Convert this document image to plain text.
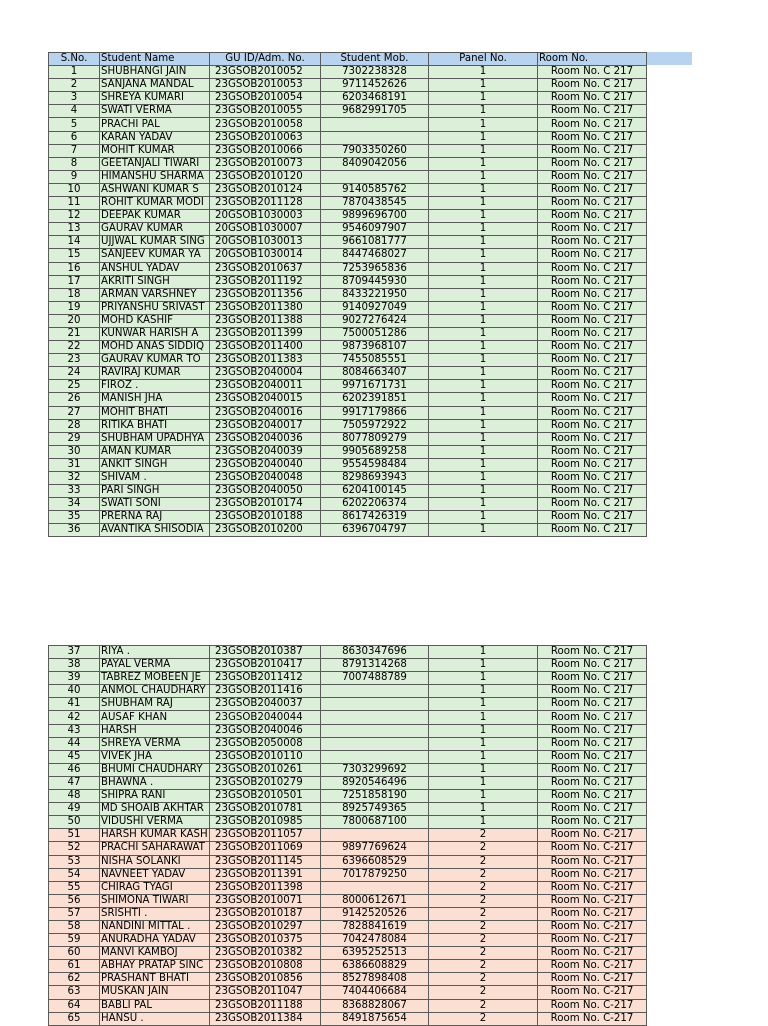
S.No.	Student Name	GU ID/Adm. No.	Student Mob.	Panel No.	Room No.
1	SHUBHANGI JAIN	23GSOB2010052	7302238328	1	Room No. C 217
2	SANJANA MANDAL	23GSOB2010053	9711452626	1	Room No. C 217
3	SHREYA KUMARI	23GSOB2010054	6203468191	1	Room No. C 217
4	SWATI VERMA	23GSOB2010055	9682991705	1	Room No. C 217
5	PRACHI PAL	23GSOB2010058		1	Room No. C 217
6	KARAN YADAV	23GSOB2010063		1	Room No. C 217
7	MOHIT KUMAR	23GSOB2010066	7903350260	1	Room No. C 217
8	GEETANJALI TIWARI	23GSOB2010073	8409042056	1	Room No. C 217
9	HIMANSHU SHARMA	23GSOB2010120		1	Room No. C 217
10	ASHWANI KUMAR S	23GSOB2010124	9140585762	1	Room No. C 217
11	ROHIT KUMAR MODI	23GSOB2011128	7870438545	1	Room No. C 217
12	DEEPAK KUMAR	20GSOB1030003	9899696700	1	Room No. C 217
13	GAURAV KUMAR	20GSOB1030007	9546097907	1	Room No. C 217
14	UJJWAL KUMAR SING	20GSOB1030013	9661081777	1	Room No. C 217
15	SANJEEV KUMAR YA	20GSOB1030014	8447468027	1	Room No. C 217
16	ANSHUL YADAV	23GSOB2010637	7253965836	1	Room No. C 217
17	AKRITI SINGH	23GSOB2011192	8709445930	1	Room No. C 217
18	ARMAN VARSHNEY	23GSOB2011356	8433221950	1	Room No. C 217
19	PRIYANSHU SRIVAST	23GSOB2011380	9140927049	1	Room No. C 217
20	MOHD KASHIF	23GSOB2011388	9027276424	1	Room No. C 217
21	KUNWAR HARISH A	23GSOB2011399	7500051286	1	Room No. C 217
22	MOHD ANAS SIDDIQ	23GSOB2011400	9873968107	1	Room No. C 217
23	GAURAV KUMAR TO	23GSOB2011383	7455085551	1	Room No. C 217
24	RAVIRAJ KUMAR	23GSOB2040004	8084663407	1	Room No. C 217
25	FIROZ .	23GSOB2040011	9971671731	1	Room No. C 217
26	MANISH JHA	23GSOB2040015	6202391851	1	Room No. C 217
27	MOHIT BHATI	23GSOB2040016	9917179866	1	Room No. C 217
28	RITIKA BHATI	23GSOB2040017	7505972922	1	Room No. C 217
29	SHUBHAM UPADHYA	23GSOB2040036	8077809279	1	Room No. C 217
30	AMAN KUMAR	23GSOB2040039	9905689258	1	Room No. C 217
31	ANKIT SINGH	23GSOB2040040	9554598484	1	Room No. C 217
32	SHIVAM .	23GSOB2040048	8298693943	1	Room No. C 217
33	PARI SINGH	23GSOB2040050	6204100145	1	Room No. C 217
34	SWATI SONI	23GSOB2010174	6202206374	1	Room No. C 217
35	PRERNA RAJ	23GSOB2010188	8617426319	1	Room No. C 217
36	AVANTIKA SHISODIA	23GSOB2010200	6396704797	1	Room No. C 217
37	RIYA .	23GSOB2010387	8630347696	1	Room No. C 217
38	PAYAL VERMA	23GSOB2010417	8791314268	1	Room No. C 217
39	TABREZ MOBEEN JE	23GSOB2011412	7007488789	1	Room No. C 217
40	ANMOL CHAUDHARY	23GSOB2011416		1	Room No. C 217
41	SHUBHAM RAJ	23GSOB2040037		1	Room No. C 217
42	AUSAF KHAN	23GSOB2040044		1	Room No. C 217
43	HARSH	23GSOB2040046		1	Room No. C 217
44	SHREYA VERMA	23GSOB2050008		1	Room No. C 217
45	VIVEK JHA	23GSOB2010110		1	Room No. C 217
46	BHUMI CHAUDHARY	23GSOB2010261	7303299692	1	Room No. C 217
47	BHAWNA .	23GSOB2010279	8920546496	1	Room No. C 217
48	SHIPRA RANI	23GSOB2010501	7251858190	1	Room No. C 217
49	MD SHOAIB AKHTAR	23GSOB2010781	8925749365	1	Room No. C 217
50	VIDUSHI VERMA	23GSOB2010985	7800687100	1	Room No. C 217
51	HARSH KUMAR KASH	23GSOB2011057		2	Room No. C-217
52	PRACHI SAHARAWAT	23GSOB2011069	9897769624	2	Room No. C-217
53	NISHA SOLANKI	23GSOB2011145	6396608529	2	Room No. C-217
54	NAVNEET YADAV	23GSOB2011391	7017879250	2	Room No. C-217
55	CHIRAG TYAGI	23GSOB2011398		2	Room No. C-217
56	SHIMONA TIWARI	23GSOB2010071	8000612671	2	Room No. C-217
57	SRISHTI .	23GSOB2010187	9142520526	2	Room No. C-217
58	NANDINI MITTAL .	23GSOB2010297	7828841619	2	Room No. C-217
59	ANURADHA YADAV	23GSOB2010375	7042478084	2	Room No. C-217
60	MANVI KAMBOJ	23GSOB2010382	6395252513	2	Room No. C-217
61	ABHAY PRATAP SINC	23GSOB2010808	6386608829	2	Room No. C-217
62	PRASHANT BHATI	23GSOB2010856	8527898408	2	Room No. C-217
63	MUSKAN JAIN	23GSOB2011047	7404406684	2	Room No. C-217
64	BABLI PAL	23GSOB2011188	8368828067	2	Room No. C-217
65	HANSU .	23GSOB2011384	8491875654	2	Room No. C-217
